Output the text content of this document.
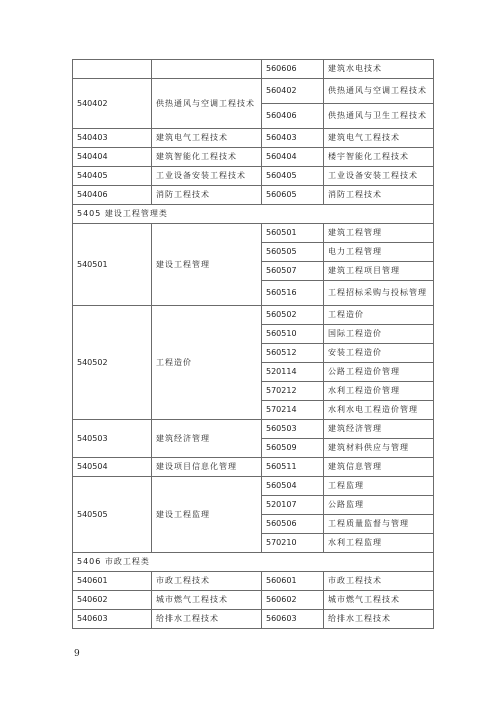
		560606	建筑水电技术
540402	供热通风与空调工程技术	560402	供热通风与空调工程技术
		560406	供热通风与卫生工程技术
540403	建筑电气工程技术	560403	建筑电气工程技术
540404	建筑智能化工程技术	560404	楼宇智能化工程技术
540405	工业设备安装工程技术	560405	工业设备安装工程技术
540406	消防工程技术	560605	消防工程技术
5405 建设工程管理类			
540501	建设工程管理	560501	建筑工程管理
		560505	电力工程管理
		560507	建筑工程项目管理
		560516	工程招标采购与投标管理
540502	工程造价	560502	工程造价
		560510	国际工程造价
		560512	安装工程造价
		520114	公路工程造价管理
		570212	水利工程造价管理
		570214	水利水电工程造价管理
540503	建筑经济管理	560503	建筑经济管理
		560509	建筑材料供应与管理
540504	建设项目信息化管理	560511	建筑信息管理
540505	建设工程监理	560504	工程监理
		520107	公路监理
		560506	工程质量监督与管理
		570210	水利工程监理
5406 市政工程类			
540601	市政工程技术	560601	市政工程技术
540602	城市燃气工程技术	560602	城市燃气工程技术
540603	给排水工程技术	560603	给排水工程技术
9
